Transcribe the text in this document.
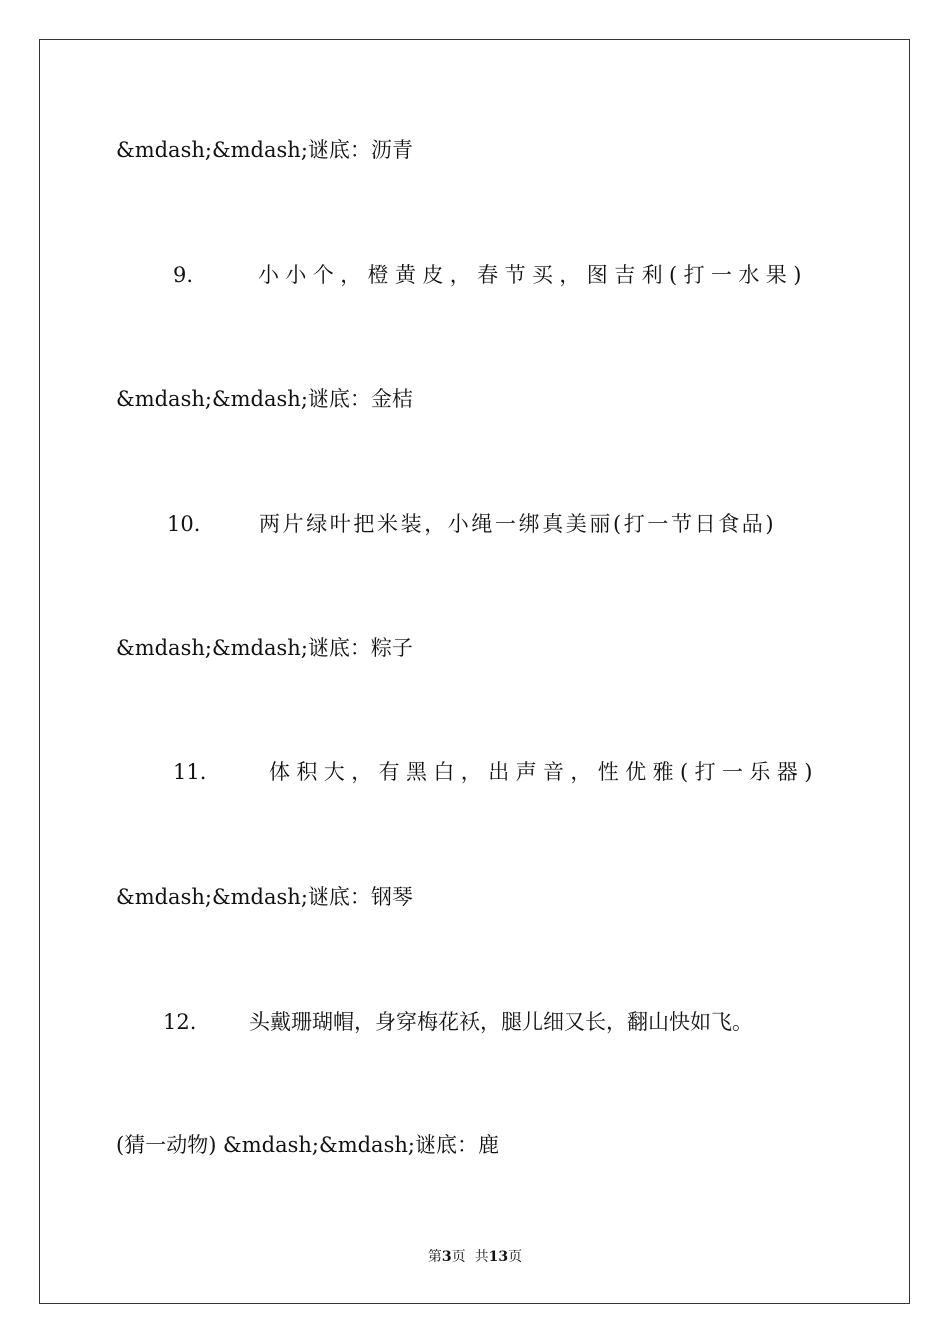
&mdash;&mdash;谜底：沥青
9.	小小个，橙黄皮，春节买，图吉利(打一水果)
&mdash;&mdash;谜底：金桔
10.	两片绿叶把米装，小绳一绑真美丽(打一节日食品)
&mdash;&mdash;谜底：粽子
11.	体积大，有黑白，出声音，性优雅(打一乐器)
&mdash;&mdash;谜底：钢琴
12.	头戴珊瑚帽，身穿梅花袄，腿儿细又长，翻山快如飞。
(猜一动物) &mdash;&mdash;谜底：鹿
第3页  共13页
